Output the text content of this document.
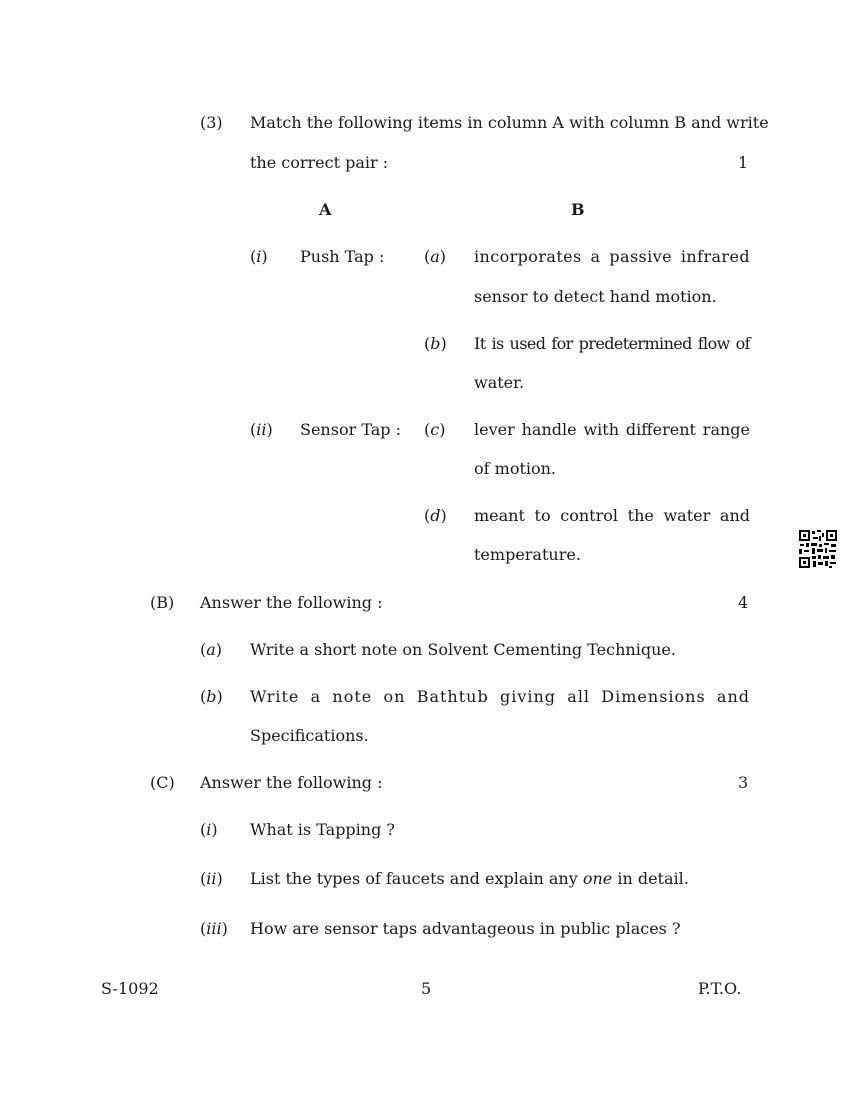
(3) Match the following items in column A with column B and write
the correct pair :	1
A	B
(i) Push Tap : (a) incorporates a passive infrared
sensor to detect hand motion.
(b) It is used for predetermined flow of
water.
(ii) Sensor Tap : (c) lever handle with different range
of motion.
(d) meant to control the water and
temperature.
(B) Answer the following :	4
(a) Write a short note on Solvent Cementing Technique.
(b) Write a note on Bathtub giving all Dimensions and
Specifications.
(C) Answer the following :	3
(i) What is Tapping ?
(ii) List the types of faucets and explain any one in detail.
(iii) How are sensor taps advantageous in public places ?
S-1092	5	P.T.O.
